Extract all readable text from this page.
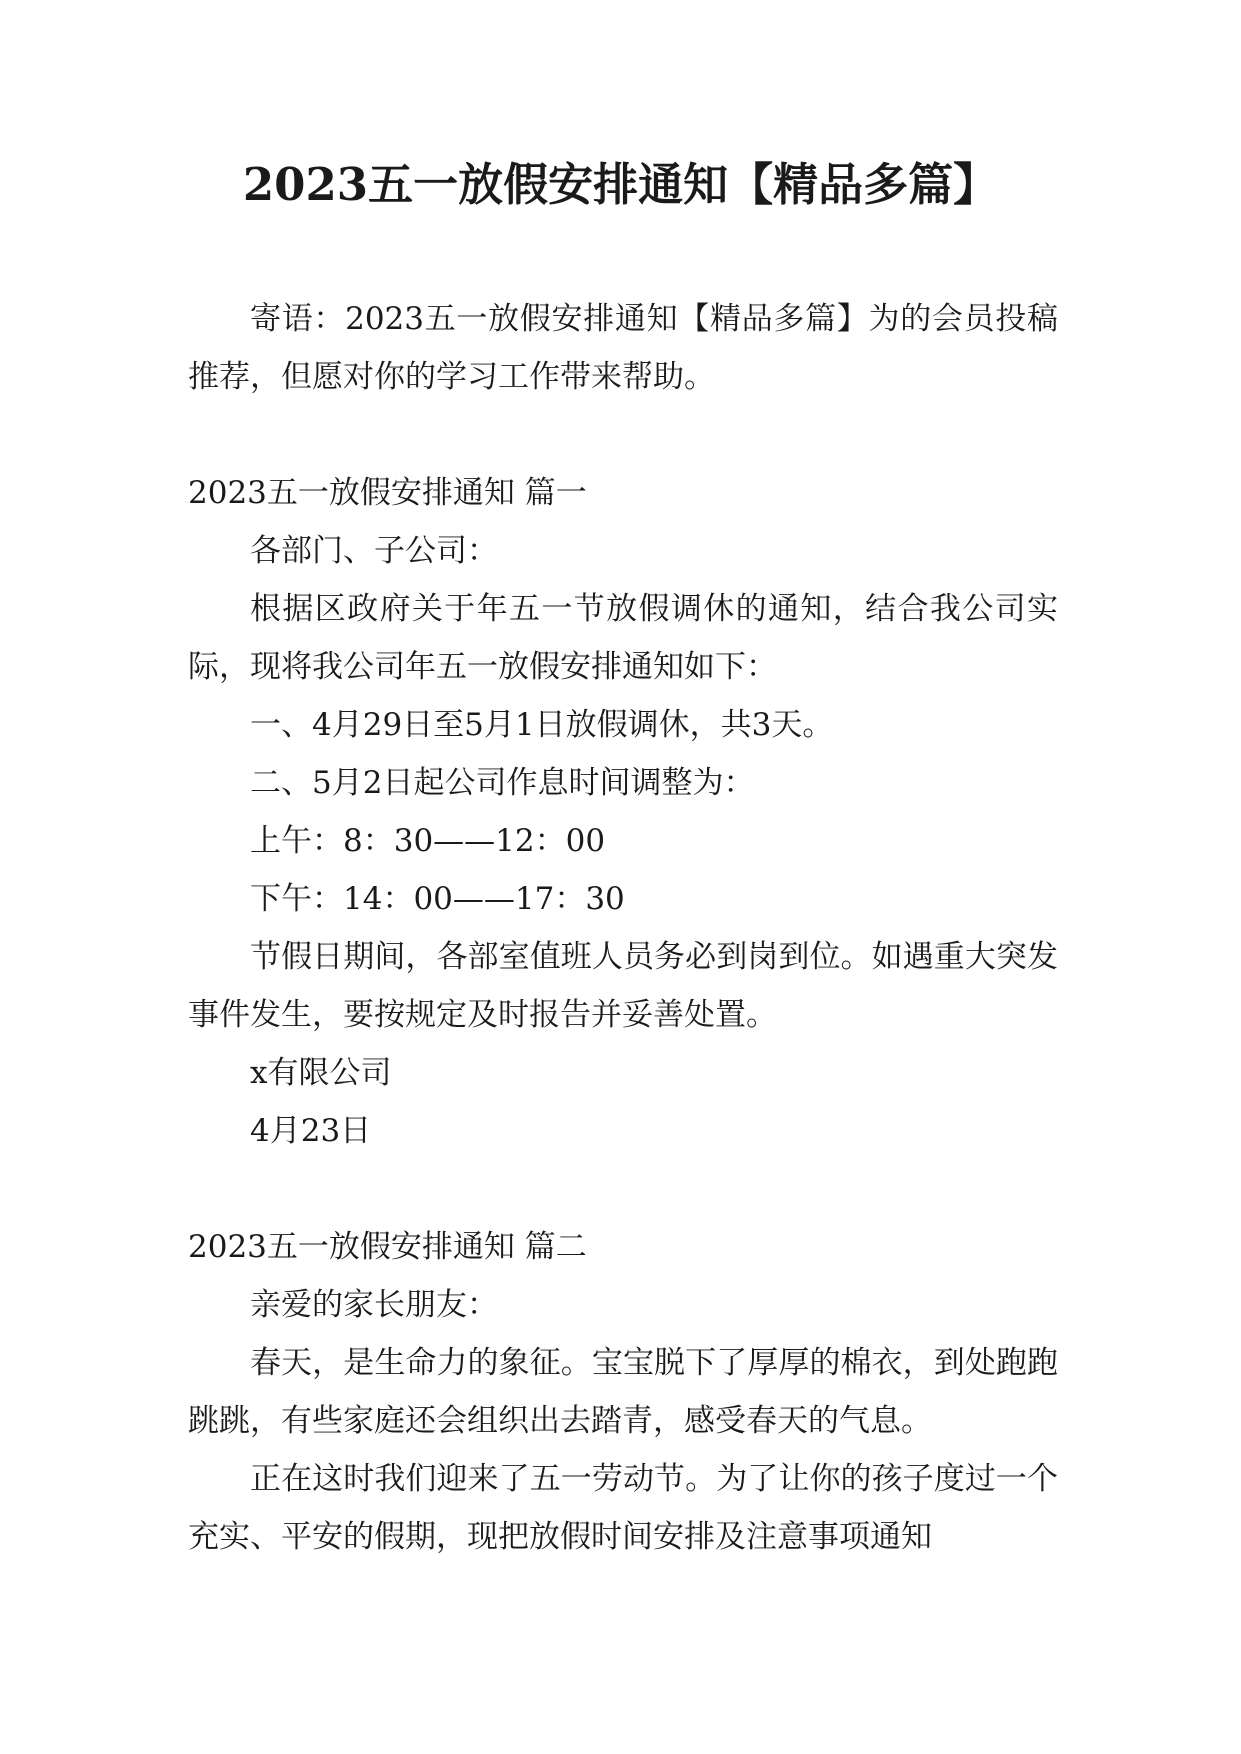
2023五一放假安排通知【精品多篇】

寄语：2023五一放假安排通知【精品多篇】为的会员投稿推荐，但愿对你的学习工作带来帮助。

2023五一放假安排通知 篇一

各部门、子公司：

根据区政府关于年五一节放假调休的通知，结合我公司实际，现将我公司年五一放假安排通知如下：

一、4月29日至5月1日放假调休，共3天。

二、5月2日起公司作息时间调整为：

上午：8：30——12：00

下午：14：00——17：30

节假日期间，各部室值班人员务必到岗到位。如遇重大突发事件发生，要按规定及时报告并妥善处置。

x有限公司

4月23日

2023五一放假安排通知 篇二

亲爱的家长朋友：

春天，是生命力的象征。宝宝脱下了厚厚的棉衣，到处跑跑跳跳，有些家庭还会组织出去踏青，感受春天的气息。

正在这时我们迎来了五一劳动节。为了让你的孩子度过一个充实、平安的假期，现把放假时间安排及注意事项通知
